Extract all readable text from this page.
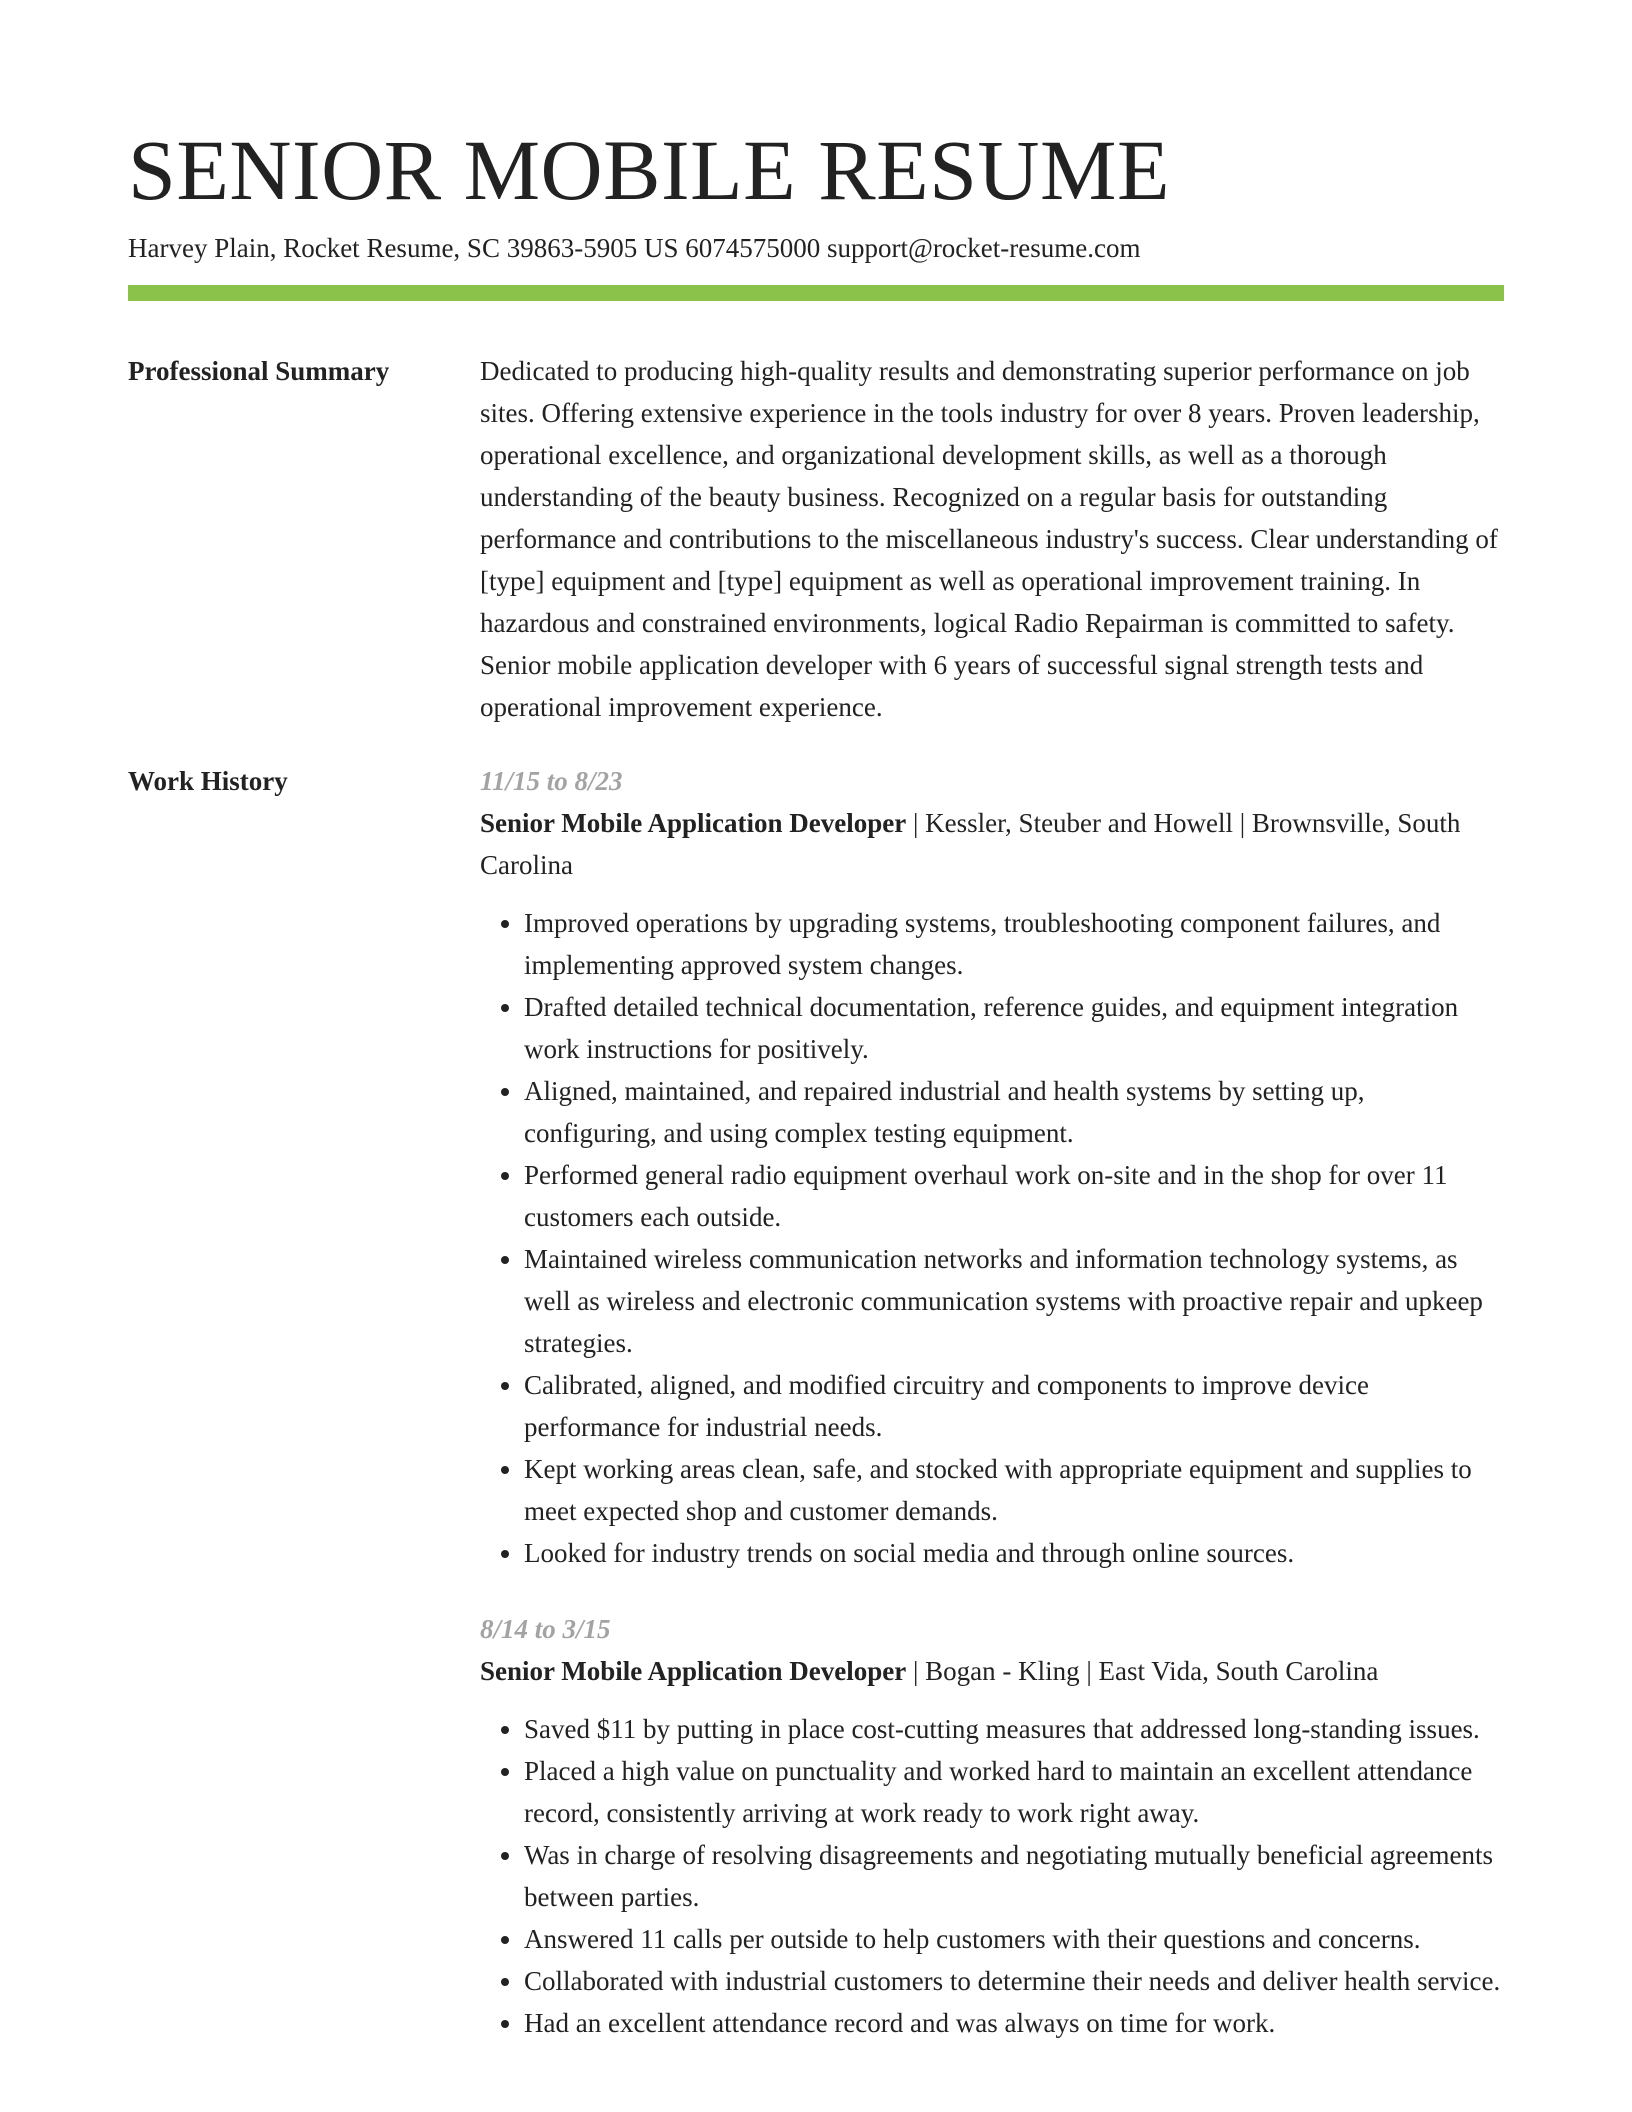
SENIOR MOBILE RESUME
Harvey Plain, Rocket Resume, SC 39863-5905 US 6074575000 support@rocket-resume.com
Professional Summary	Dedicated to producing high-quality results and demonstrating superior performance on job sites. Offering extensive experience in the tools industry for over 8 years. Proven leadership, operational excellence, and organizational development skills, as well as a thorough understanding of the beauty business. Recognized on a regular basis for outstanding performance and contributions to the miscellaneous industry's success. Clear understanding of [type] equipment and [type] equipment as well as operational improvement training. In hazardous and constrained environments, logical Radio Repairman is committed to safety. Senior mobile application developer with 6 years of successful signal strength tests and operational improvement experience.

Work History	11/15 to 8/23
Senior Mobile Application Developer | Kessler, Steuber and Howell | Brownsville, South Carolina
• Improved operations by upgrading systems, troubleshooting component failures, and implementing approved system changes.
• Drafted detailed technical documentation, reference guides, and equipment integration work instructions for positively.
• Aligned, maintained, and repaired industrial and health systems by setting up, configuring, and using complex testing equipment.
• Performed general radio equipment overhaul work on-site and in the shop for over 11 customers each outside.
• Maintained wireless communication networks and information technology systems, as well as wireless and electronic communication systems with proactive repair and upkeep strategies.
• Calibrated, aligned, and modified circuitry and components to improve device performance for industrial needs.
• Kept working areas clean, safe, and stocked with appropriate equipment and supplies to meet expected shop and customer demands.
• Looked for industry trends on social media and through online sources.
8/14 to 3/15
Senior Mobile Application Developer | Bogan - Kling | East Vida, South Carolina
• Saved $11 by putting in place cost-cutting measures that addressed long-standing issues.
• Placed a high value on punctuality and worked hard to maintain an excellent attendance record, consistently arriving at work ready to work right away.
• Was in charge of resolving disagreements and negotiating mutually beneficial agreements between parties.
• Answered 11 calls per outside to help customers with their questions and concerns.
• Collaborated with industrial customers to determine their needs and deliver health service.
• Had an excellent attendance record and was always on time for work.
